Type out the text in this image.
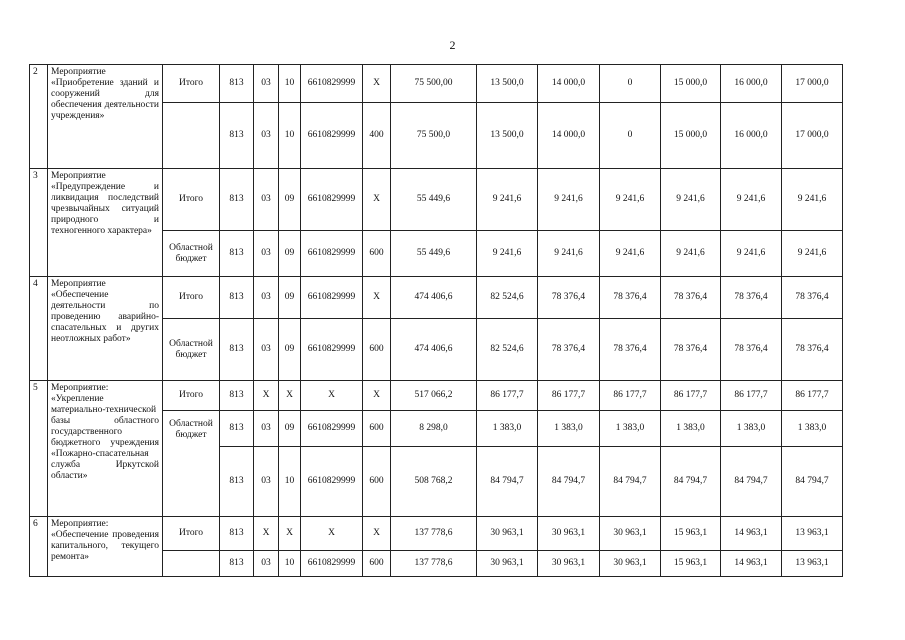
2
2	Мероприятие «Приобретение зданий и сооружений для обеспечения деятельности учреждения»	Итого	813	03	10	6610829999	Х	75 500,00	13 500,0	14 000,0	0	15 000,0	16 000,0	17 000,0
			813	03	10	6610829999	400	75 500,0	13 500,0	14 000,0	0	15 000,0	16 000,0	17 000,0
3	Мероприятие «Предупреждение и ликвидация последствий чрезвычайных ситуаций природного и техногенного характера»	Итого	813	03	09	6610829999	Х	55 449,6	9 241,6	9 241,6	9 241,6	9 241,6	9 241,6	9 241,6
		Областной бюджет	813	03	09	6610829999	600	55 449,6	9 241,6	9 241,6	9 241,6	9 241,6	9 241,6	9 241,6
4	Мероприятие «Обеспечение деятельности по проведению аварийно-спасательных и других неотложных работ»	Итого	813	03	09	6610829999	Х	474 406,6	82 524,6	78 376,4	78 376,4	78 376,4	78 376,4	78 376,4
		Областной бюджет	813	03	09	6610829999	600	474 406,6	82 524,6	78 376,4	78 376,4	78 376,4	78 376,4	78 376,4
5	Мероприятие: «Укрепление материально-технической базы областного государственного бюджетного учреждения «Пожарно-спасательная служба Иркутской области»	Итого	813	Х	Х	Х	Х	517 066,2	86 177,7	86 177,7	86 177,7	86 177,7	86 177,7	86 177,7
		Областной бюджет	813	03	09	6610829999	600	8 298,0	1 383,0	1 383,0	1 383,0	1 383,0	1 383,0	1 383,0
			813	03	10	6610829999	600	508 768,2	84 794,7	84 794,7	84 794,7	84 794,7	84 794,7	84 794,7
6	Мероприятие: «Обеспечение проведения капитального, текущего ремонта»	Итого	813	Х	Х	Х	Х	137 778,6	30 963,1	30 963,1	30 963,1	15 963,1	14 963,1	13 963,1
			813	03	10	6610829999	600	137 778,6	30 963,1	30 963,1	30 963,1	15 963,1	14 963,1	13 963,1
